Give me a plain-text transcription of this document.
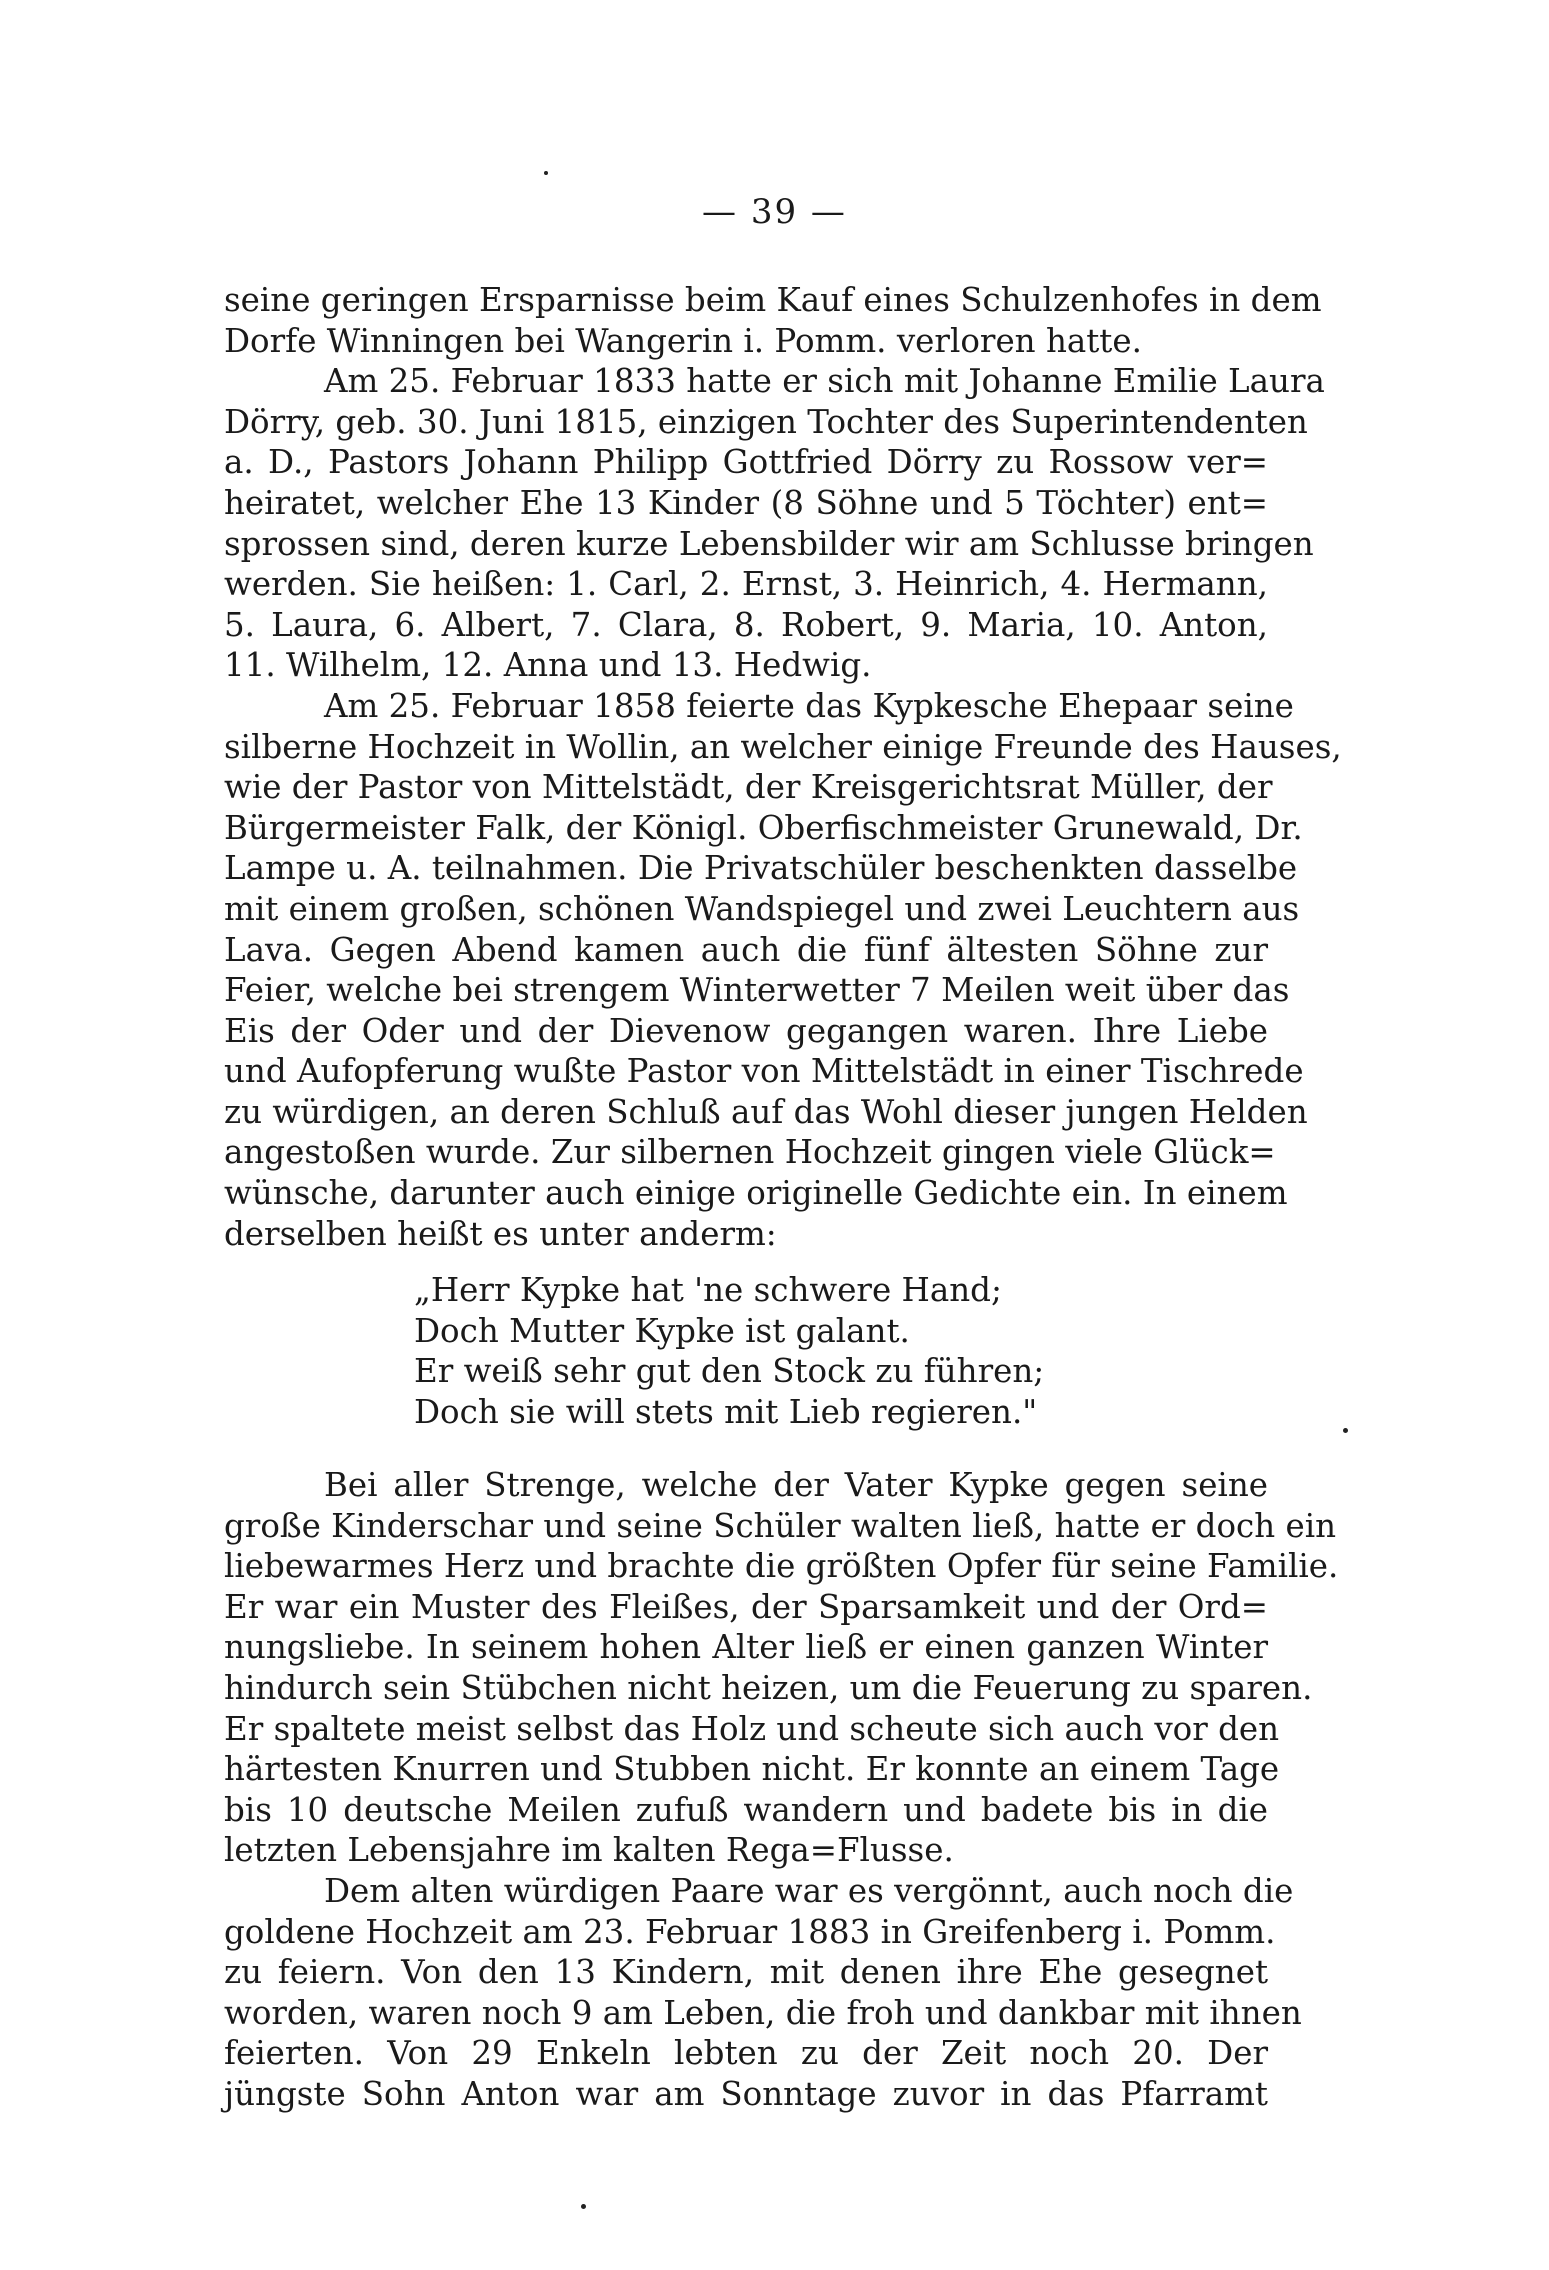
— 39 —
seine geringen Ersparnisse beim Kauf eines Schulzenhofes in dem
Dorfe Winningen bei Wangerin i. Pomm. verloren hatte.
Am 25. Februar 1833 hatte er sich mit Johanne Emilie Laura
Dörry, geb. 30. Juni 1815, einzigen Tochter des Superintendenten
a. D., Pastors Johann Philipp Gottfried Dörry zu Rossow ver=
heiratet, welcher Ehe 13 Kinder (8 Söhne und 5 Töchter) ent=
sprossen sind, deren kurze Lebensbilder wir am Schlusse bringen
werden. Sie heißen: 1. Carl, 2. Ernst, 3. Heinrich, 4. Hermann,
5. Laura, 6. Albert, 7. Clara, 8. Robert, 9. Maria, 10. Anton,
11. Wilhelm, 12. Anna und 13. Hedwig.
Am 25. Februar 1858 feierte das Kypkesche Ehepaar seine
silberne Hochzeit in Wollin, an welcher einige Freunde des Hauses,
wie der Pastor von Mittelstädt, der Kreisgerichtsrat Müller, der
Bürgermeister Falk, der Königl. Oberfischmeister Grunewald, Dr.
Lampe u. A. teilnahmen. Die Privatschüler beschenkten dasselbe
mit einem großen, schönen Wandspiegel und zwei Leuchtern aus
Lava. Gegen Abend kamen auch die fünf ältesten Söhne zur
Feier, welche bei strengem Winterwetter 7 Meilen weit über das
Eis der Oder und der Dievenow gegangen waren. Ihre Liebe
und Aufopferung wußte Pastor von Mittelstädt in einer Tischrede
zu würdigen, an deren Schluß auf das Wohl dieser jungen Helden
angestoßen wurde. Zur silbernen Hochzeit gingen viele Glück=
wünsche, darunter auch einige originelle Gedichte ein. In einem
derselben heißt es unter anderm:
„Herr Kypke hat 'ne schwere Hand;
Doch Mutter Kypke ist galant.
Er weiß sehr gut den Stock zu führen;
Doch sie will stets mit Lieb regieren."
Bei aller Strenge, welche der Vater Kypke gegen seine
große Kinderschar und seine Schüler walten ließ, hatte er doch ein
liebewarmes Herz und brachte die größten Opfer für seine Familie.
Er war ein Muster des Fleißes, der Sparsamkeit und der Ord=
nungsliebe. In seinem hohen Alter ließ er einen ganzen Winter
hindurch sein Stübchen nicht heizen, um die Feuerung zu sparen.
Er spaltete meist selbst das Holz und scheute sich auch vor den
härtesten Knurren und Stubben nicht. Er konnte an einem Tage
bis 10 deutsche Meilen zufuß wandern und badete bis in die
letzten Lebensjahre im kalten Rega=Flusse.
Dem alten würdigen Paare war es vergönnt, auch noch die
goldene Hochzeit am 23. Februar 1883 in Greifenberg i. Pomm.
zu feiern. Von den 13 Kindern, mit denen ihre Ehe gesegnet
worden, waren noch 9 am Leben, die froh und dankbar mit ihnen
feierten. Von 29 Enkeln lebten zu der Zeit noch 20. Der
jüngste Sohn Anton war am Sonntage zuvor in das Pfarramt
